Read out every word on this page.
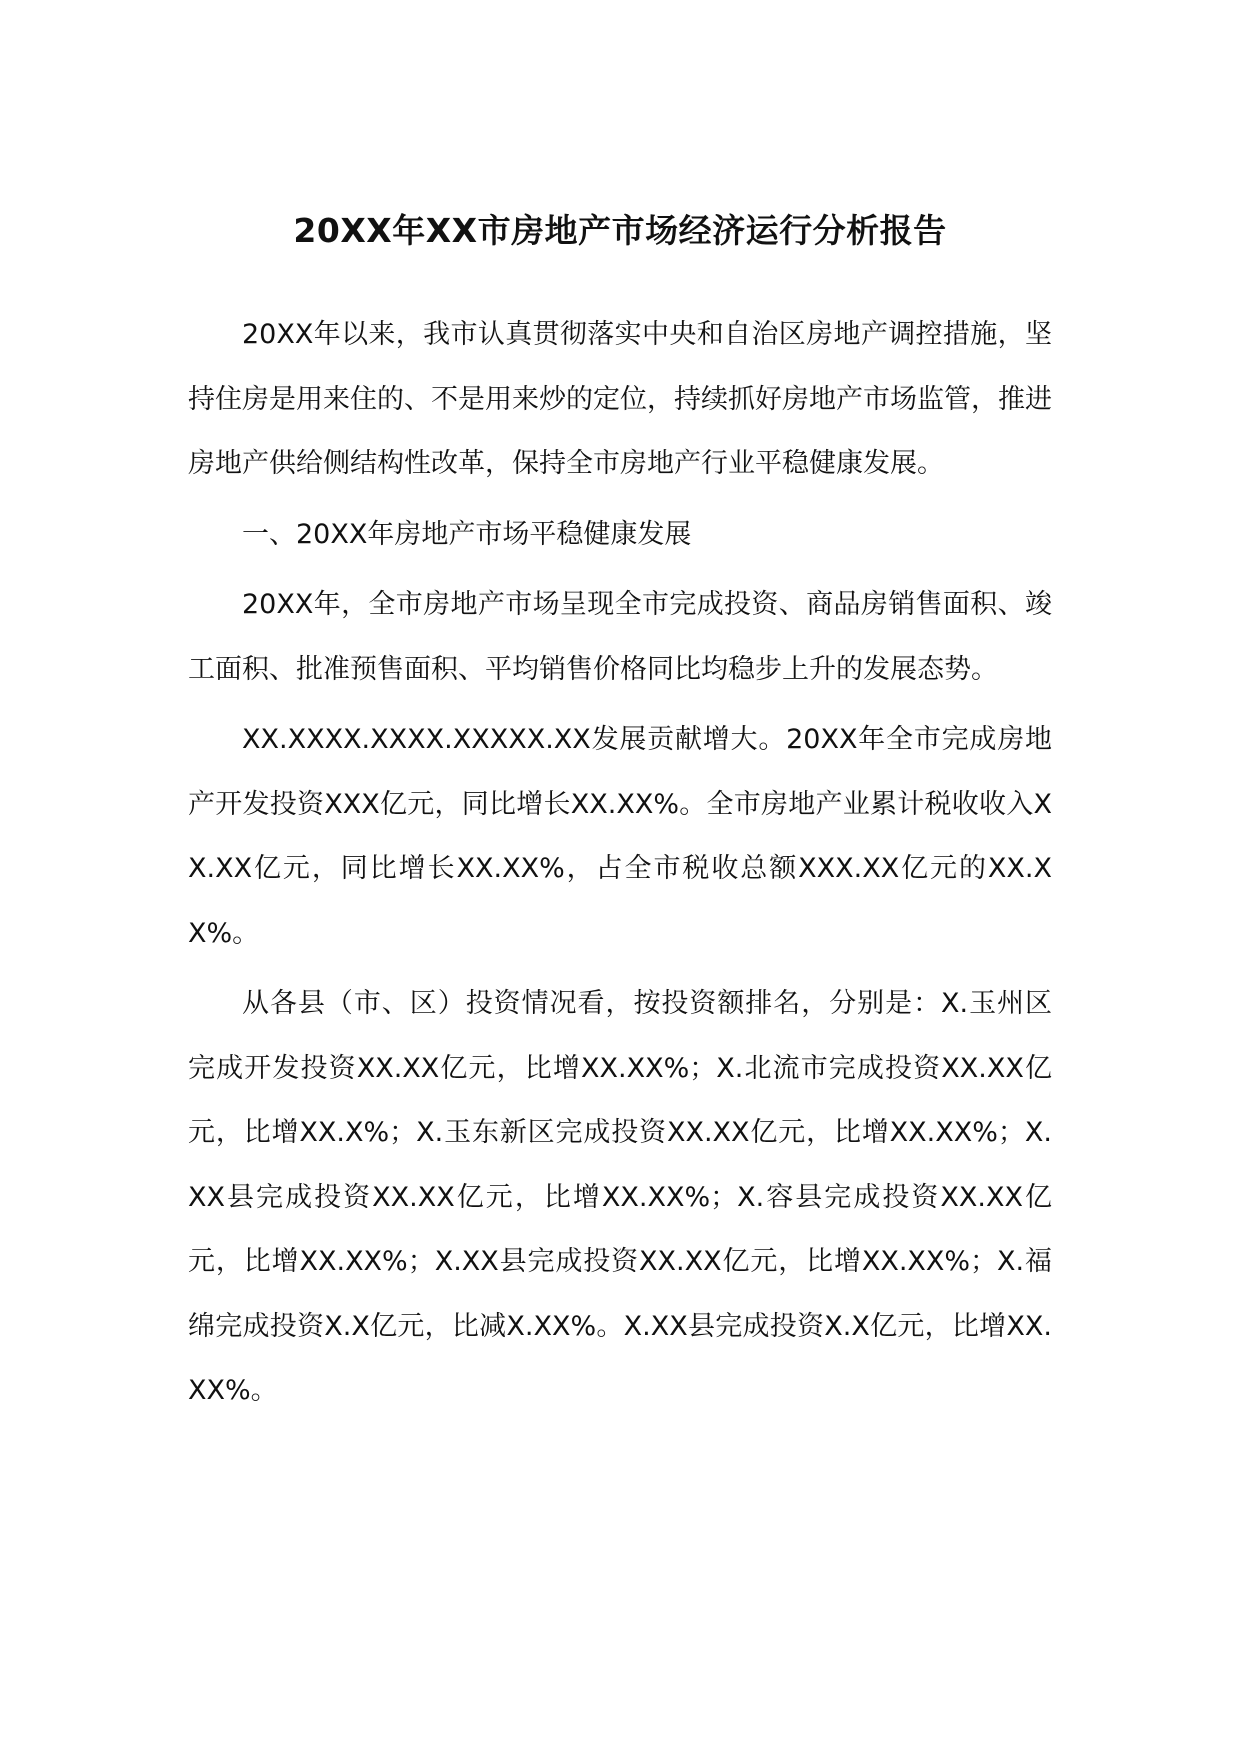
20XX年XX市房地产市场经济运行分析报告

20XX年以来，我市认真贯彻落实中央和自治区房地产调控措施，坚持住房是用来住的、不是用来炒的定位，持续抓好房地产市场监管，推进房地产供给侧结构性改革，保持全市房地产行业平稳健康发展。

一、20XX年房地产市场平稳健康发展

20XX年，全市房地产市场呈现全市完成投资、商品房销售面积、竣工面积、批准预售面积、平均销售价格同比均稳步上升的发展态势。

XX.XXXX.XXXX.XXXXX.XX发展贡献增大。20XX年全市完成房地产开发投资XXX亿元，同比增长XX.XX%。全市房地产业累计税收收入XX.XX亿元，同比增长XX.XX%，占全市税收总额XXX.XX亿元的XX.XX%。

从各县（市、区）投资情况看，按投资额排名，分别是：X.玉州区完成开发投资XX.XX亿元，比增XX.XX%；X.北流市完成投资XX.XX亿元，比增XX.X%；X.玉东新区完成投资XX.XX亿元，比增XX.XX%；X.XX县完成投资XX.XX亿元，比增XX.XX%；X.容县完成投资XX.XX亿元，比增XX.XX%；X.XX县完成投资XX.XX亿元，比增XX.XX%；X.福绵完成投资X.X亿元，比减X.XX%。X.XX县完成投资X.X亿元，比增XX.XX%。
